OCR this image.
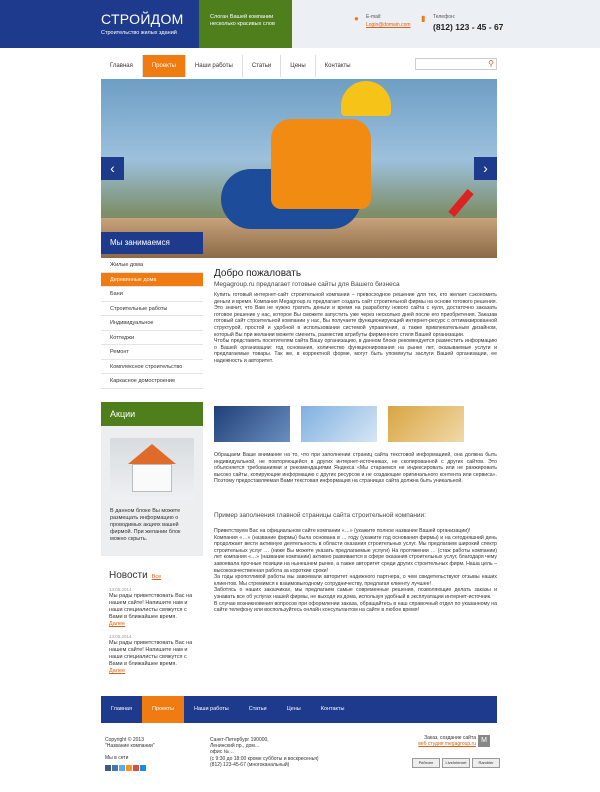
СТРОЙДОМ
Строительство жилых зданий
Слоган Вашей компании
несколько красивых слов
● E-mail:
Login@domain.com
▮ Телефон:
(812) 123 - 45 - 67
Главная	Проекты	Наши работы	Статьи	Цены	Контакты	⚲
‹	›
Мы занимаемся
Жилые дома
Деревянные дома
Бани
Строительные работы
Индивидуальное
Коттеджи
Ремонт
Комплексное строительство
Каркасное домостроение
Акции
В данном блоке Вы можете размещать информацию о проводимых акциях вашей фирмой. При желании блок можно скрыть.
Новости Все
13.05.2014
Мы рады приветствовать Вас на нашем сайте! Напишите нам и наши специалисты свяжутся с Вами в ближайшее время.
Далее
13.05.2014
Мы рады приветствовать Вас на нашем сайте! Напишите нам и наши специалисты свяжутся с Вами в ближайшее время.
Далее
Добро пожаловать
Megagroup.ru предлагает готовые сайты для Вашего бизнеса

Купить готовый интернет-сайт строительной компании – превосходное решение для тех, кто желает сэкономить деньги и время. Компания Megagroup.ru предлагает создать сайт строительной фирмы на основе готового решения. Это значит, что Вам не нужно тратить деньги и время на разработку нового сайта с нуля, достаточно заказать готовое решение у нас, которое Вы сможете запустить уже через несколько дней после его приобретения. Заказав готовый сайт строительной компании у нас, Вы получаете функционирующий интернет-ресурс с оптимизированной структурой, простой и удобной в использовании системой управления, а также привлекательным дизайном, который Вы при желании можете сменить, разместив атрибуты фирменного стиля Вашей организации.

Чтобы представить посетителям сайта Вашу организацию, в данном блоке рекомендуется разместить информацию о Вашей организации: год основания, количество функционирования на рынке лет, оказываемые услуги и предлагаемые товары. Так же, в корректной форме, могут быть упомянуты заслуги Вашей организации, ее надежность и авторитет.

Обращаем Ваше внимание на то, что при заполнении страниц сайта текстовой информацией, она должна быть индивидуальной, не повторяющейся в других интернет-источниках, не скопированной с других сайтов. Это объясняется требованиями и рекомендациями Яндекса «Мы стараемся не индексировать или не ранжировать высоко сайты, копирующие информацию с других ресурсов и не создающие оригинального контента или сервиса». Поэтому предоставляемая Вами текстовая информация на страницах сайта должна быть уникальной.

Пример заполнения главной страницы сайта строительной компании:

Приветствуем Вас на официальном сайте компании «…» (укажите полное название Вашей организации)!

Компания «…» (название фирмы) была основана в … году (укажите год основания фирмы) и на сегодняшний день продолжает вести активную деятельность в области оказания строительных услуг. Мы предлагаем широкий спектр строительных услуг … (ниже Вы можете указать предлагаемые услуги) На протяжении … (стаж работы компании) лет компания «…» (название компании) активно развивается в сфере оказания строительных услуг, благодаря чему завоевала прочные позиции на нынешнем рынке, а также авторитет среди других строительных фирм. Наша цель – высококачественная работа за короткие сроки!

За годы кропотливой работы мы завоевали авторитет надежного партнера, о чем свидетельствуют отзывы наших клиентов. Мы стремимся к взаимовыгодному сотрудничеству, предлагая клиенту лучшее!

Заботясь о наших заказчиках, мы предлагаем самые современные решения, позволяющие делать заказы и узнавать все об услугах нашей фирмы, не выходя из дома, используя удобный в эксплуатации интернет-источник.

В случае возникновения вопросов при оформлении заказа, обращайтесь в наш справочный отдел по указанному на сайте телефону или воспользуйтесь онлайн консультантом на сайте в любое время!

Главная	Проекты	Наши работы	Статьи	Цены	Контакты
Copyright © 2013
"Название компании"
Мы в сети
Санкт-Петербург 190000,
Ленинский пр., дом…
офис №…
(с 9:30 до 18:00 кроме субботы и воскресенья)
(812) 123-45-67 (многоканальный)
Заказ, создание сайта
веб студия megagroup.ru M
Рейтинг	LiveInternet	Rambler
